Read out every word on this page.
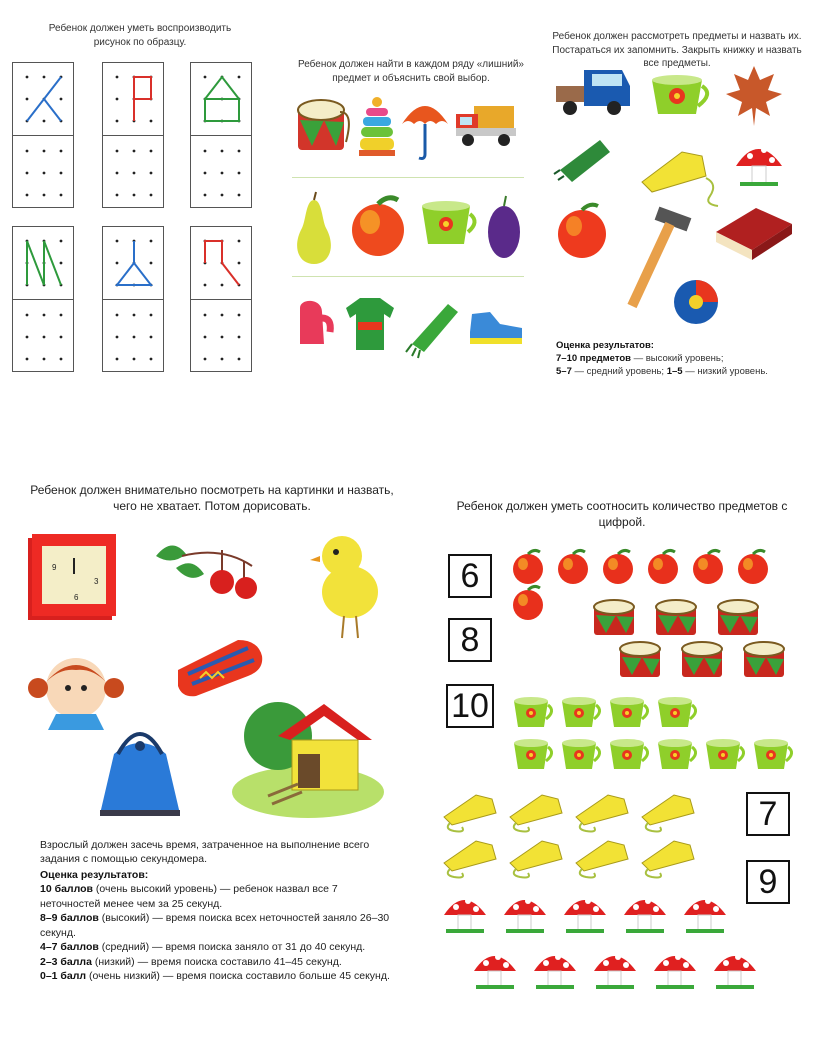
Ребенок должен уметь воспроизводить рисунок по образцу.
Ребенок должен найти в каждом ряду «лишний» предмет и объяснить свой выбор.
Ребенок должен рассмотреть предметы и назвать их. Постараться их запомнить. Закрыть книжку и назвать все предметы.
Оценка результатов:
7–10 предметов — высокий уровень;
5–7 — средний уровень; 1–5 — низкий уровень.
Ребенок должен внимательно посмотреть на картинки и назвать, чего не хватает. Потом дорисовать.
9
3
6
Взрослый должен засечь время, затраченное на выполнение всего задания с помощью секундомера.
Оценка результатов:
10 баллов (очень высокий уровень) — ребенок назвал все 7 неточностей менее чем за 25 секунд.
8–9 баллов (высокий) — время поиска всех неточностей заняло 26–30 секунд.
4–7 баллов (средний) — время поиска заняло от 31 до 40 секунд.
2–3 балла (низкий) — время поиска составило 41–45 секунд.
0–1 балл (очень низкий) — время поиска составило больше 45 секунд.
Ребенок должен уметь соотносить количество предметов с цифрой.
6
8
10
7
9
